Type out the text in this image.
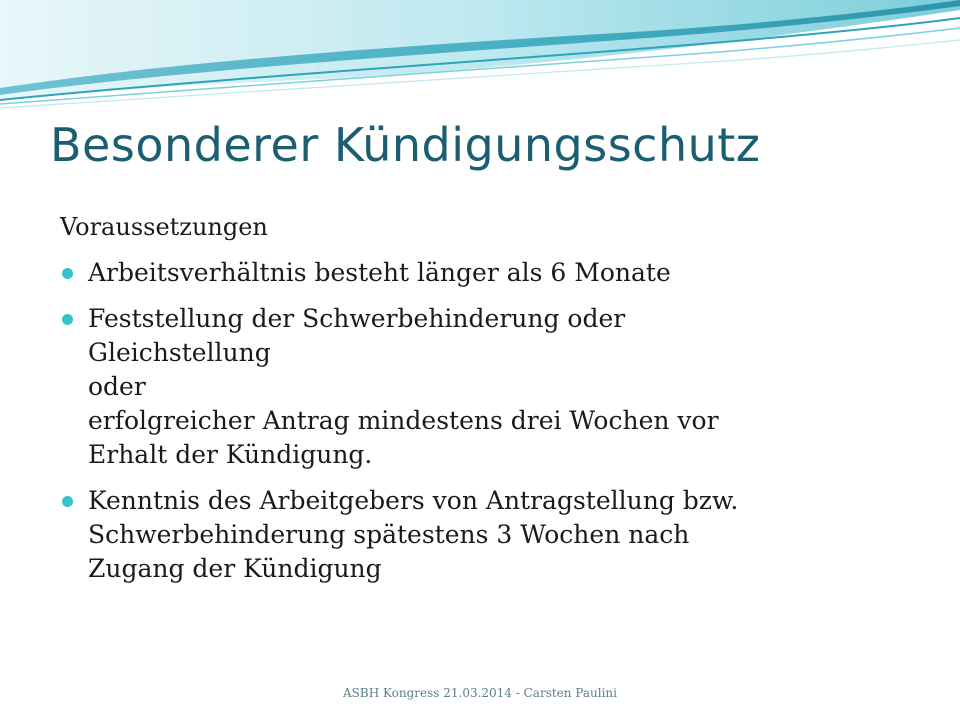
Besonderer Kündigungsschutz

Voraussetzungen

Arbeitsverhältnis besteht länger als 6 Monate
Feststellung der Schwerbehinderung oder
Gleichstellung
oder
erfolgreicher Antrag mindestens drei Wochen vor
Erhalt der Kündigung.
Kenntnis des Arbeitgebers von Antragstellung bzw.
Schwerbehinderung spätestens 3 Wochen nach
Zugang der Kündigung
ASBH Kongress 21.03.2014 - Carsten Paulini
